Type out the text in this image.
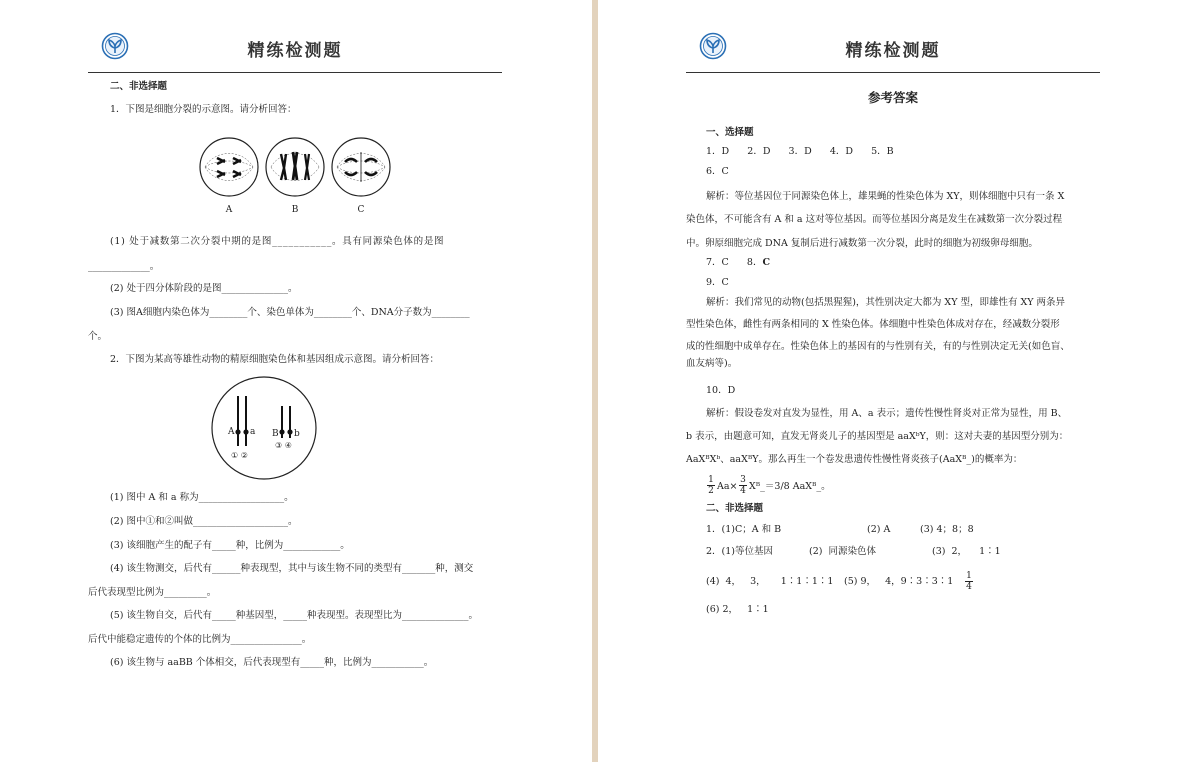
精练检测题
二、非选择题
1．下图是细胞分裂的示意图。请分析回答：
A	B	C
(1) 处于减数第二次分裂中期的是图___________。具有同源染色体的是图
_____________。
(2) 处于四分体阶段的是图______________。
(3) 图A细胞内染色体为________个、染色单体为________个、DNA分子数为________
个。
2．下图为某高等雄性动物的精原细胞染色体和基因组成示意图。请分析回答：
A a B b
① ②
③ ④
(1) 图中 A 和 a 称为__________________。
(2) 图中①和②叫做____________________。
(3) 该细胞产生的配子有_____种，比例为____________。
(4) 该生物测交，后代有______种表现型，其中与该生物不同的类型有_______种，测交
后代表现型比例为_________。
(5) 该生物自交，后代有_____种基因型，_____种表现型。表现型比为______________。
后代中能稳定遗传的个体的比例为_______________。
(6) 该生物与 aaBB 个体相交，后代表现型有_____种，比例为___________。
精练检测题
参考答案
一、选择题
1．D      2．D      3．D      4．D      5．B
6．C
解析：等位基因位于同源染色体上，雄果蝇的性染色体为 XY，则体细胞中只有一条 X
染色体，不可能含有 A 和 a 这对等位基因。而等位基因分离是发生在减数第一次分裂过程
中。卵原细胞完成 DNA 复制后进行减数第一次分裂，此时的细胞为初级卵母细胞。
7．C      8．C
9．C
解析：我们常见的动物(包括黑猩猩)，其性别决定大都为 XY 型，即雄性有 XY 两条异
型性染色体，雌性有两条相同的 X 性染色体。体细胞中性染色体成对存在，经减数分裂形
成的性细胞中成单存在。性染色体上的基因有的与性别有关，有的与性别决定无关(如色盲、
血友病等)。
10．D
解析：假设卷发对直发为显性，用 A、a 表示；遗传性慢性肾炎对正常为显性，用 B、
b 表示，由题意可知，直发无肾炎儿子的基因型是 aaXᵇY，则：这对夫妻的基因型分别为：
AaXᴮXᵇ、aaXᴮY。那么再生一个卷发患遗传性慢性肾炎孩子(AaXᴮ_)的概率为：
$\frac{1}{2} Aa\times \frac{3}{4}$ Xᴮ_＝3/8 AaXᴮ_。
二、非选择题
1．(1)C；A 和 B	(2) A	(3) 4；8；8
2．(1)等位基因	(2)  同源染色体	(3)  2，    1∶1
(4)  4，   3，     1∶1∶1∶1 (5) 9，   4，9∶3∶3∶1 $\frac{1}{4}$
(6) 2，   1∶1
